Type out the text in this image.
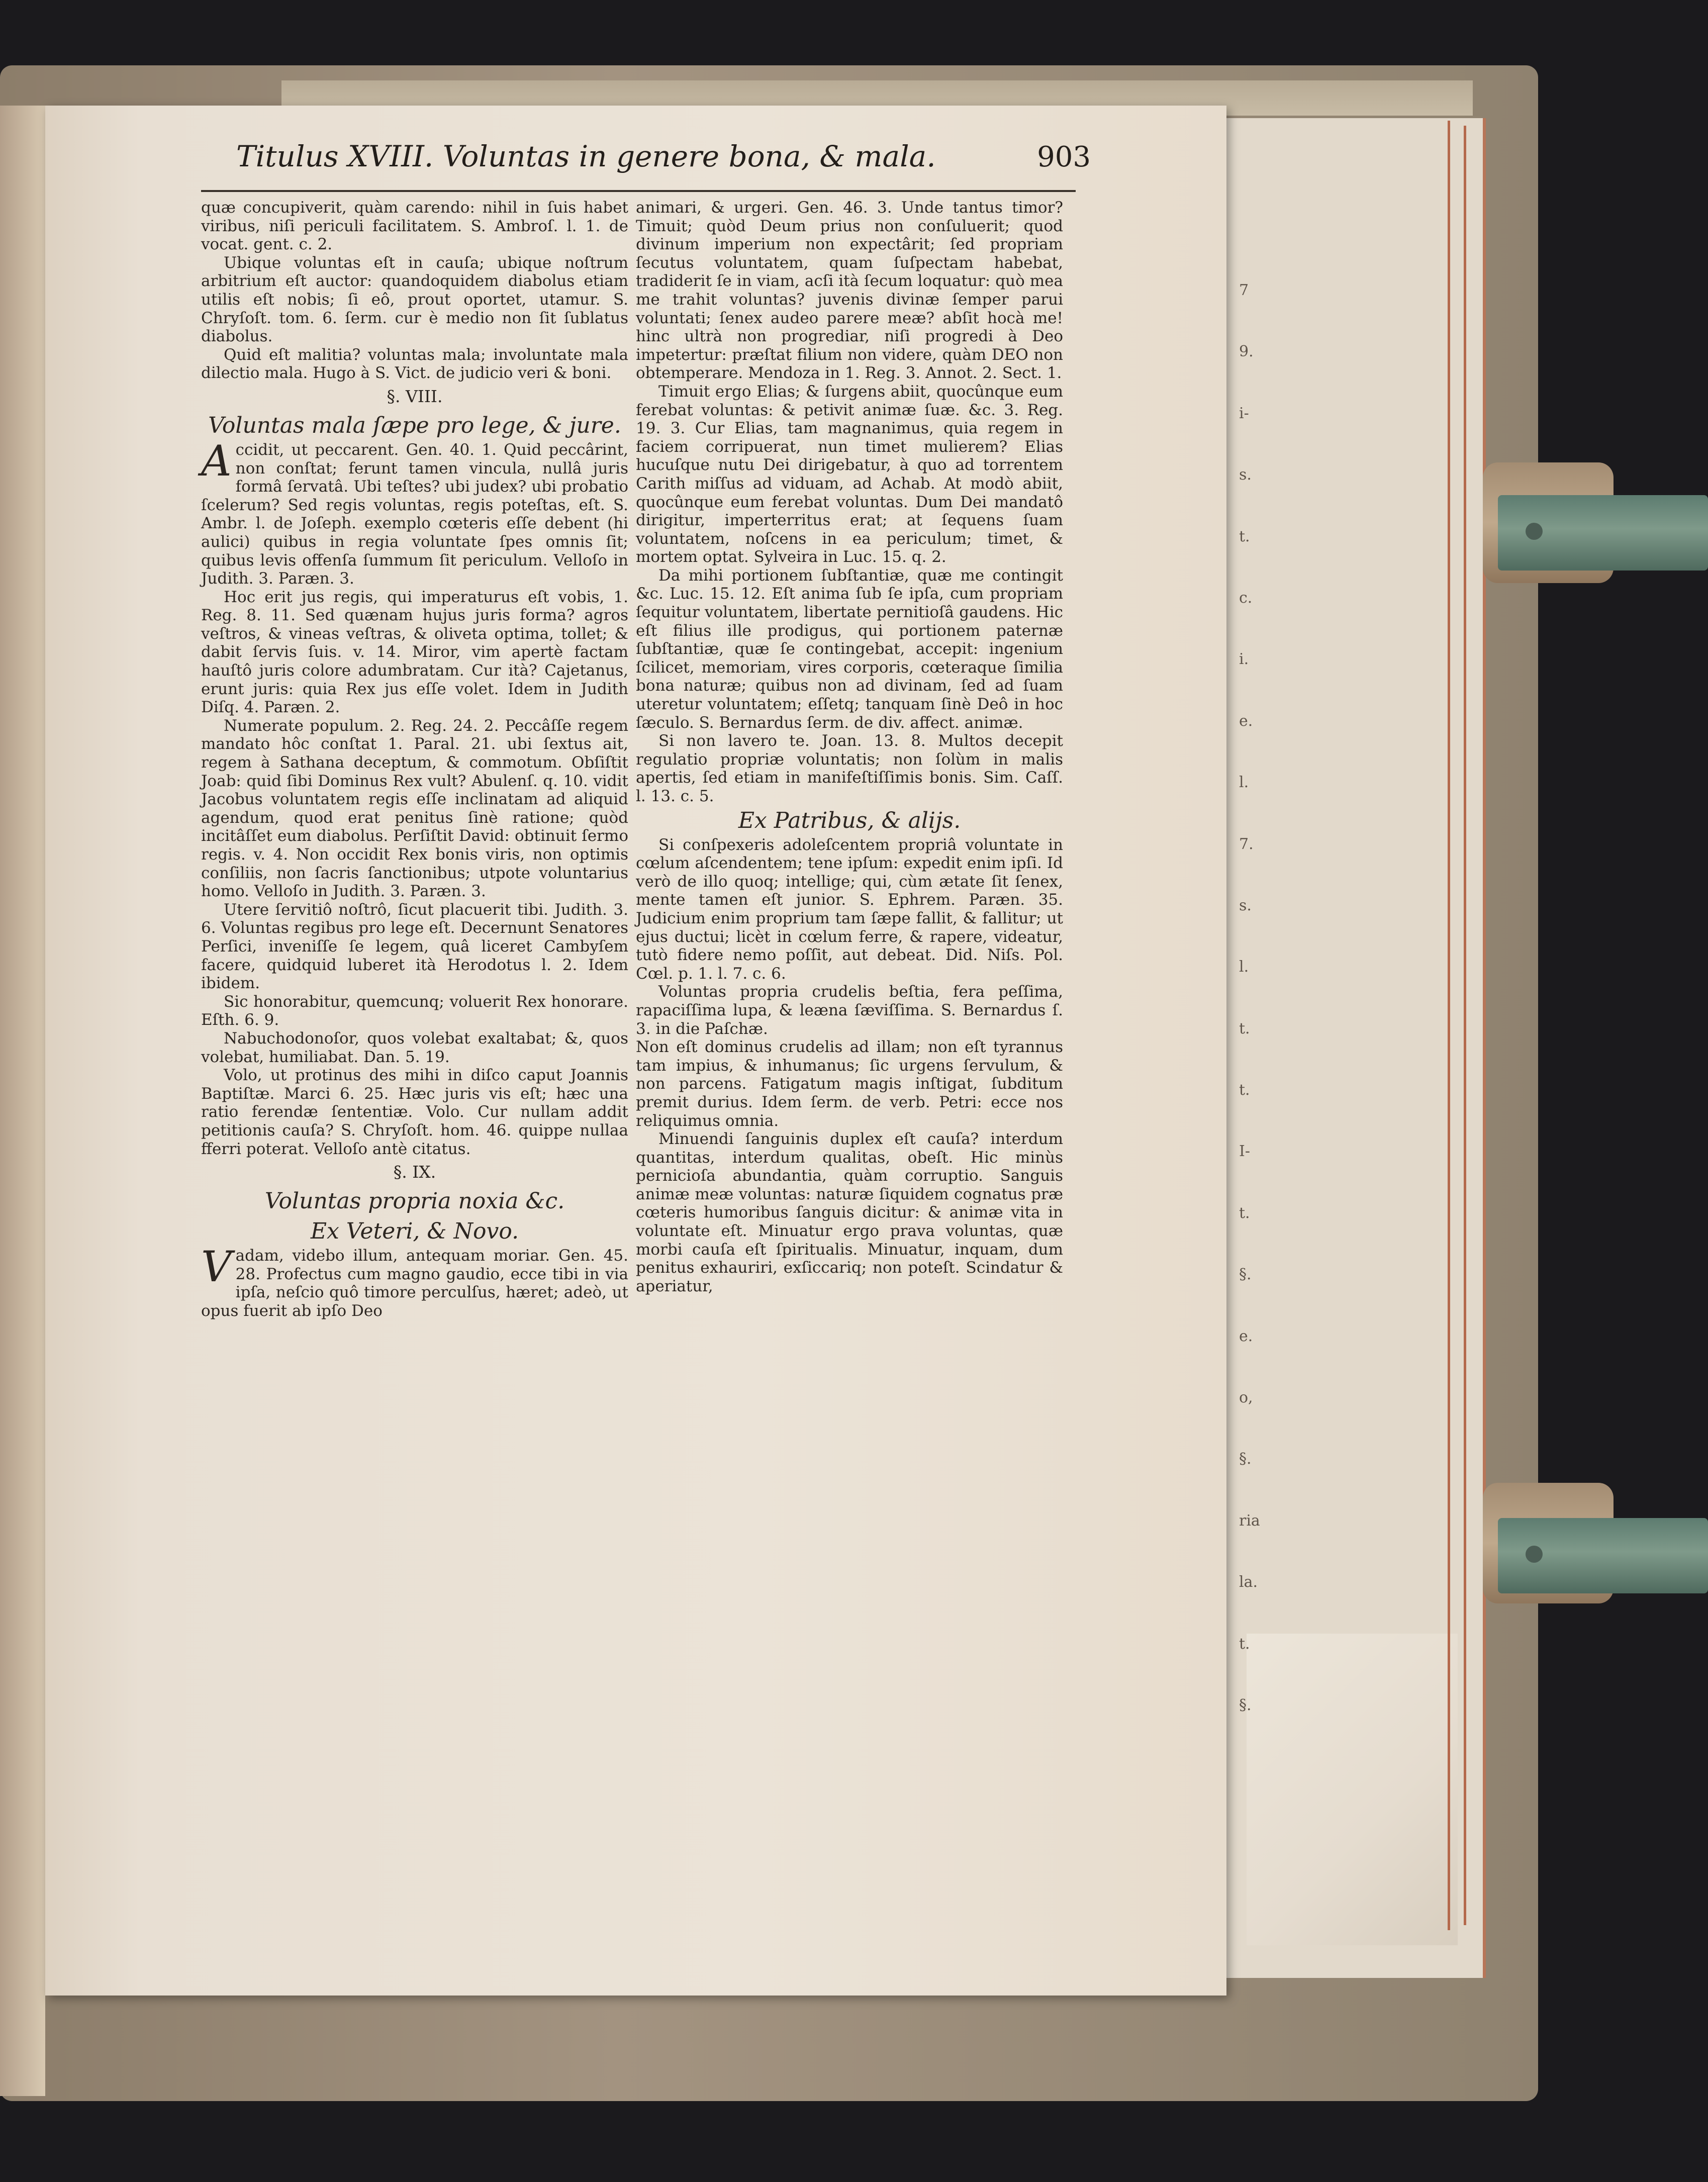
7
9.
i-
s.
t.
c.
i.
e.
l.
7.
s.
l.
t.
t.
I-
t.
§.
e.
o,
§.
ria
la.
t.
§.
Titulus XVIII. Voluntas in genere bona, & mala.	903

quæ concupiverit, quàm carendo: nihil in ſuis habet viribus, niſi periculi facilitatem. S. Ambroſ. l. 1. de vocat. gent. c. 2.

Ubique voluntas eſt in cauſa; ubique noſtrum arbitrium eſt auctor: quandoquidem diabolus etiam utilis eſt nobis; ſi eô, prout oportet, utamur. S. Chryſoſt. tom. 6. ſerm. cur è medio non ſit ſublatus diabolus.

Quid eſt malitia? voluntas mala; involuntate mala dilectio mala. Hugo à S. Vict. de judicio veri & boni.

§. VIII.

Voluntas mala ſæpe pro lege, & jure.

Accidit, ut peccarent. Gen. 40. 1. Quid peccârint, non conſtat; ferunt tamen vincula, nullâ juris formâ ſervatâ. Ubi teſtes? ubi judex? ubi probatio ſcelerum? Sed regis voluntas, regis poteſtas, eſt. S. Ambr. l. de Joſeph. exemplo cœteris eſſe debent (hi aulici) quibus in regia voluntate ſpes omnis ſit; quibus levis offenſa ſummum ſit periculum. Velloſo in Judith. 3. Paræn. 3.

Hoc erit jus regis, qui imperaturus eſt vobis, 1. Reg. 8. 11. Sed quænam hujus juris forma? agros veſtros, & vineas veſtras, & oliveta optima, tollet; & dabit ſervis ſuis. v. 14. Miror, vim apertè factam hauſtô juris colore adumbratam. Cur ità? Cajetanus, erunt juris: quia Rex jus eſſe volet. Idem in Judith Diſq. 4. Paræn. 2.

Numerate populum. 2. Reg. 24. 2. Peccâſſe regem mandato hôc conſtat 1. Paral. 21. ubi ſextus ait, regem à Sathana deceptum, & commotum. Obſiſtit Joab: quid ſibi Dominus Rex vult? Abulenſ. q. 10. vidit Jacobus voluntatem regis eſſe inclinatam ad aliquid agendum, quod erat penitus ſinè ratione; quòd incitâſſet eum diabolus. Perſiſtit David: obtinuit ſermo regis. v. 4. Non occidit Rex bonis viris, non optimis conſiliis, non ſacris ſanctionibus; utpote voluntarius homo. Velloſo in Judith. 3. Paræn. 3.

Utere ſervitiô noſtrô, ſicut placuerit tibi. Judith. 3. 6. Voluntas regibus pro lege eſt. Decernunt Senatores Perſici, inveniſſe ſe legem, quâ liceret Cambyſem facere, quidquid luberet ità Herodotus l. 2. Idem ibidem.

Sic honorabitur, quemcunq; voluerit Rex honorare. Eſth. 6. 9.

Nabuchodonoſor, quos volebat exaltabat; &, quos volebat, humiliabat. Dan. 5. 19.

Volo, ut protinus des mihi in diſco caput Joannis Baptiſtæ. Marci 6. 25. Hæc juris vis eſt; hæc una ratio ferendæ ſententiæ. Volo. Cur nullam addit petitionis cauſa? S. Chryſoſt. hom. 46. quippe nullaa fferri poterat. Velloſo antè citatus.

§. IX.

Voluntas propria noxia &c.

Ex Veteri, & Novo.

Vadam, videbo illum, antequam moriar. Gen. 45. 28. Profectus cum magno gaudio, ecce tibi in via ipſa, neſcio quô timore perculſus, hæret; adeò, ut opus fuerit ab ipſo Deo

animari, & urgeri. Gen. 46. 3. Unde tantus timor? Timuit; quòd Deum prius non conſuluerit; quod divinum imperium non expectârit; ſed propriam ſecutus voluntatem, quam ſuſpectam habebat, tradiderit ſe in viam, acſi ità ſecum loquatur: quò mea me trahit voluntas? juvenis divinæ ſemper parui voluntati; ſenex audeo parere meæ? abſit hocà me! hinc ultrà non progrediar, niſi progredi à Deo impetertur: præſtat filium non videre, quàm DEO non obtemperare. Mendoza in 1. Reg. 3. Annot. 2. Sect. 1.

Timuit ergo Elias; & ſurgens abiit, quocûnque eum ferebat voluntas: & petivit animæ ſuæ. &c. 3. Reg. 19. 3. Cur Elias, tam magnanimus, quia regem in faciem corripuerat, nun timet mulierem? Elias hucuſque nutu Dei dirigebatur, à quo ad torrentem Carith miſſus ad viduam, ad Achab. At modò abiit, quocûnque eum ferebat voluntas. Dum Dei mandatô dirigitur, imperterritus erat; at ſequens ſuam voluntatem, noſcens in ea periculum; timet, & mortem optat. Sylveira in Luc. 15. q. 2.

Da mihi portionem ſubſtantiæ, quæ me contingit &c. Luc. 15. 12. Eſt anima ſub ſe ipſa, cum propriam ſequitur voluntatem, libertate pernitioſâ gaudens. Hic eſt filius ille prodigus, qui portionem paternæ ſubſtantiæ, quæ ſe contingebat, accepit: ingenium ſcilicet, memoriam, vires corporis, cœteraque ſimilia bona naturæ; quibus non ad divinam, ſed ad ſuam uteretur voluntatem; eſſetq; tanquam ſinè Deô in hoc ſæculo. S. Bernardus ſerm. de div. affect. animæ.

Si non lavero te. Joan. 13. 8. Multos decepit regulatio propriæ voluntatis; non ſolùm in malis apertis, ſed etiam in manifeſtiſſimis bonis. Sim. Caſſ. l. 13. c. 5.

Ex Patribus, & alijs.

Si conſpexeris adoleſcentem propriâ voluntate in cœlum aſcendentem; tene ipſum: expedit enim ipſi. Id verò de illo quoq; intellige; qui, cùm ætate ſit ſenex, mente tamen eſt junior. S. Ephrem. Paræn. 35. Judicium enim proprium tam ſæpe fallit, & fallitur; ut ejus ductui; licèt in cœlum ferre, & rapere, videatur, tutò fidere nemo poſſit, aut debeat. Did. Niſs. Pol. Cœl. p. 1. l. 7. c. 6.

Voluntas propria crudelis beſtia, fera peſſima, rapaciſſima lupa, & leæna ſæviſſima. S. Bernardus ſ. 3. in die Paſchæ.

Non eſt dominus crudelis ad illam; non eſt tyrannus tam impius, & inhumanus; ſic urgens ſervulum, & non parcens. Fatigatum magis inſtigat, ſubditum premit durius. Idem ſerm. de verb. Petri: ecce nos reliquimus omnia.

Minuendi ſanguinis duplex eſt cauſa? interdum quantitas, interdum qualitas, obeſt. Hic minùs pernicioſa abundantia, quàm corruptio. Sanguis animæ meæ voluntas: naturæ ſiquidem cognatus præ cœteris humoribus ſanguis dicitur: & animæ vita in voluntate eſt. Minuatur ergo prava voluntas, quæ morbi cauſa eſt ſpiritualis. Minuatur, inquam, dum penitus exhauriri, exſiccariq; non poteſt. Scindatur & aperiatur,
